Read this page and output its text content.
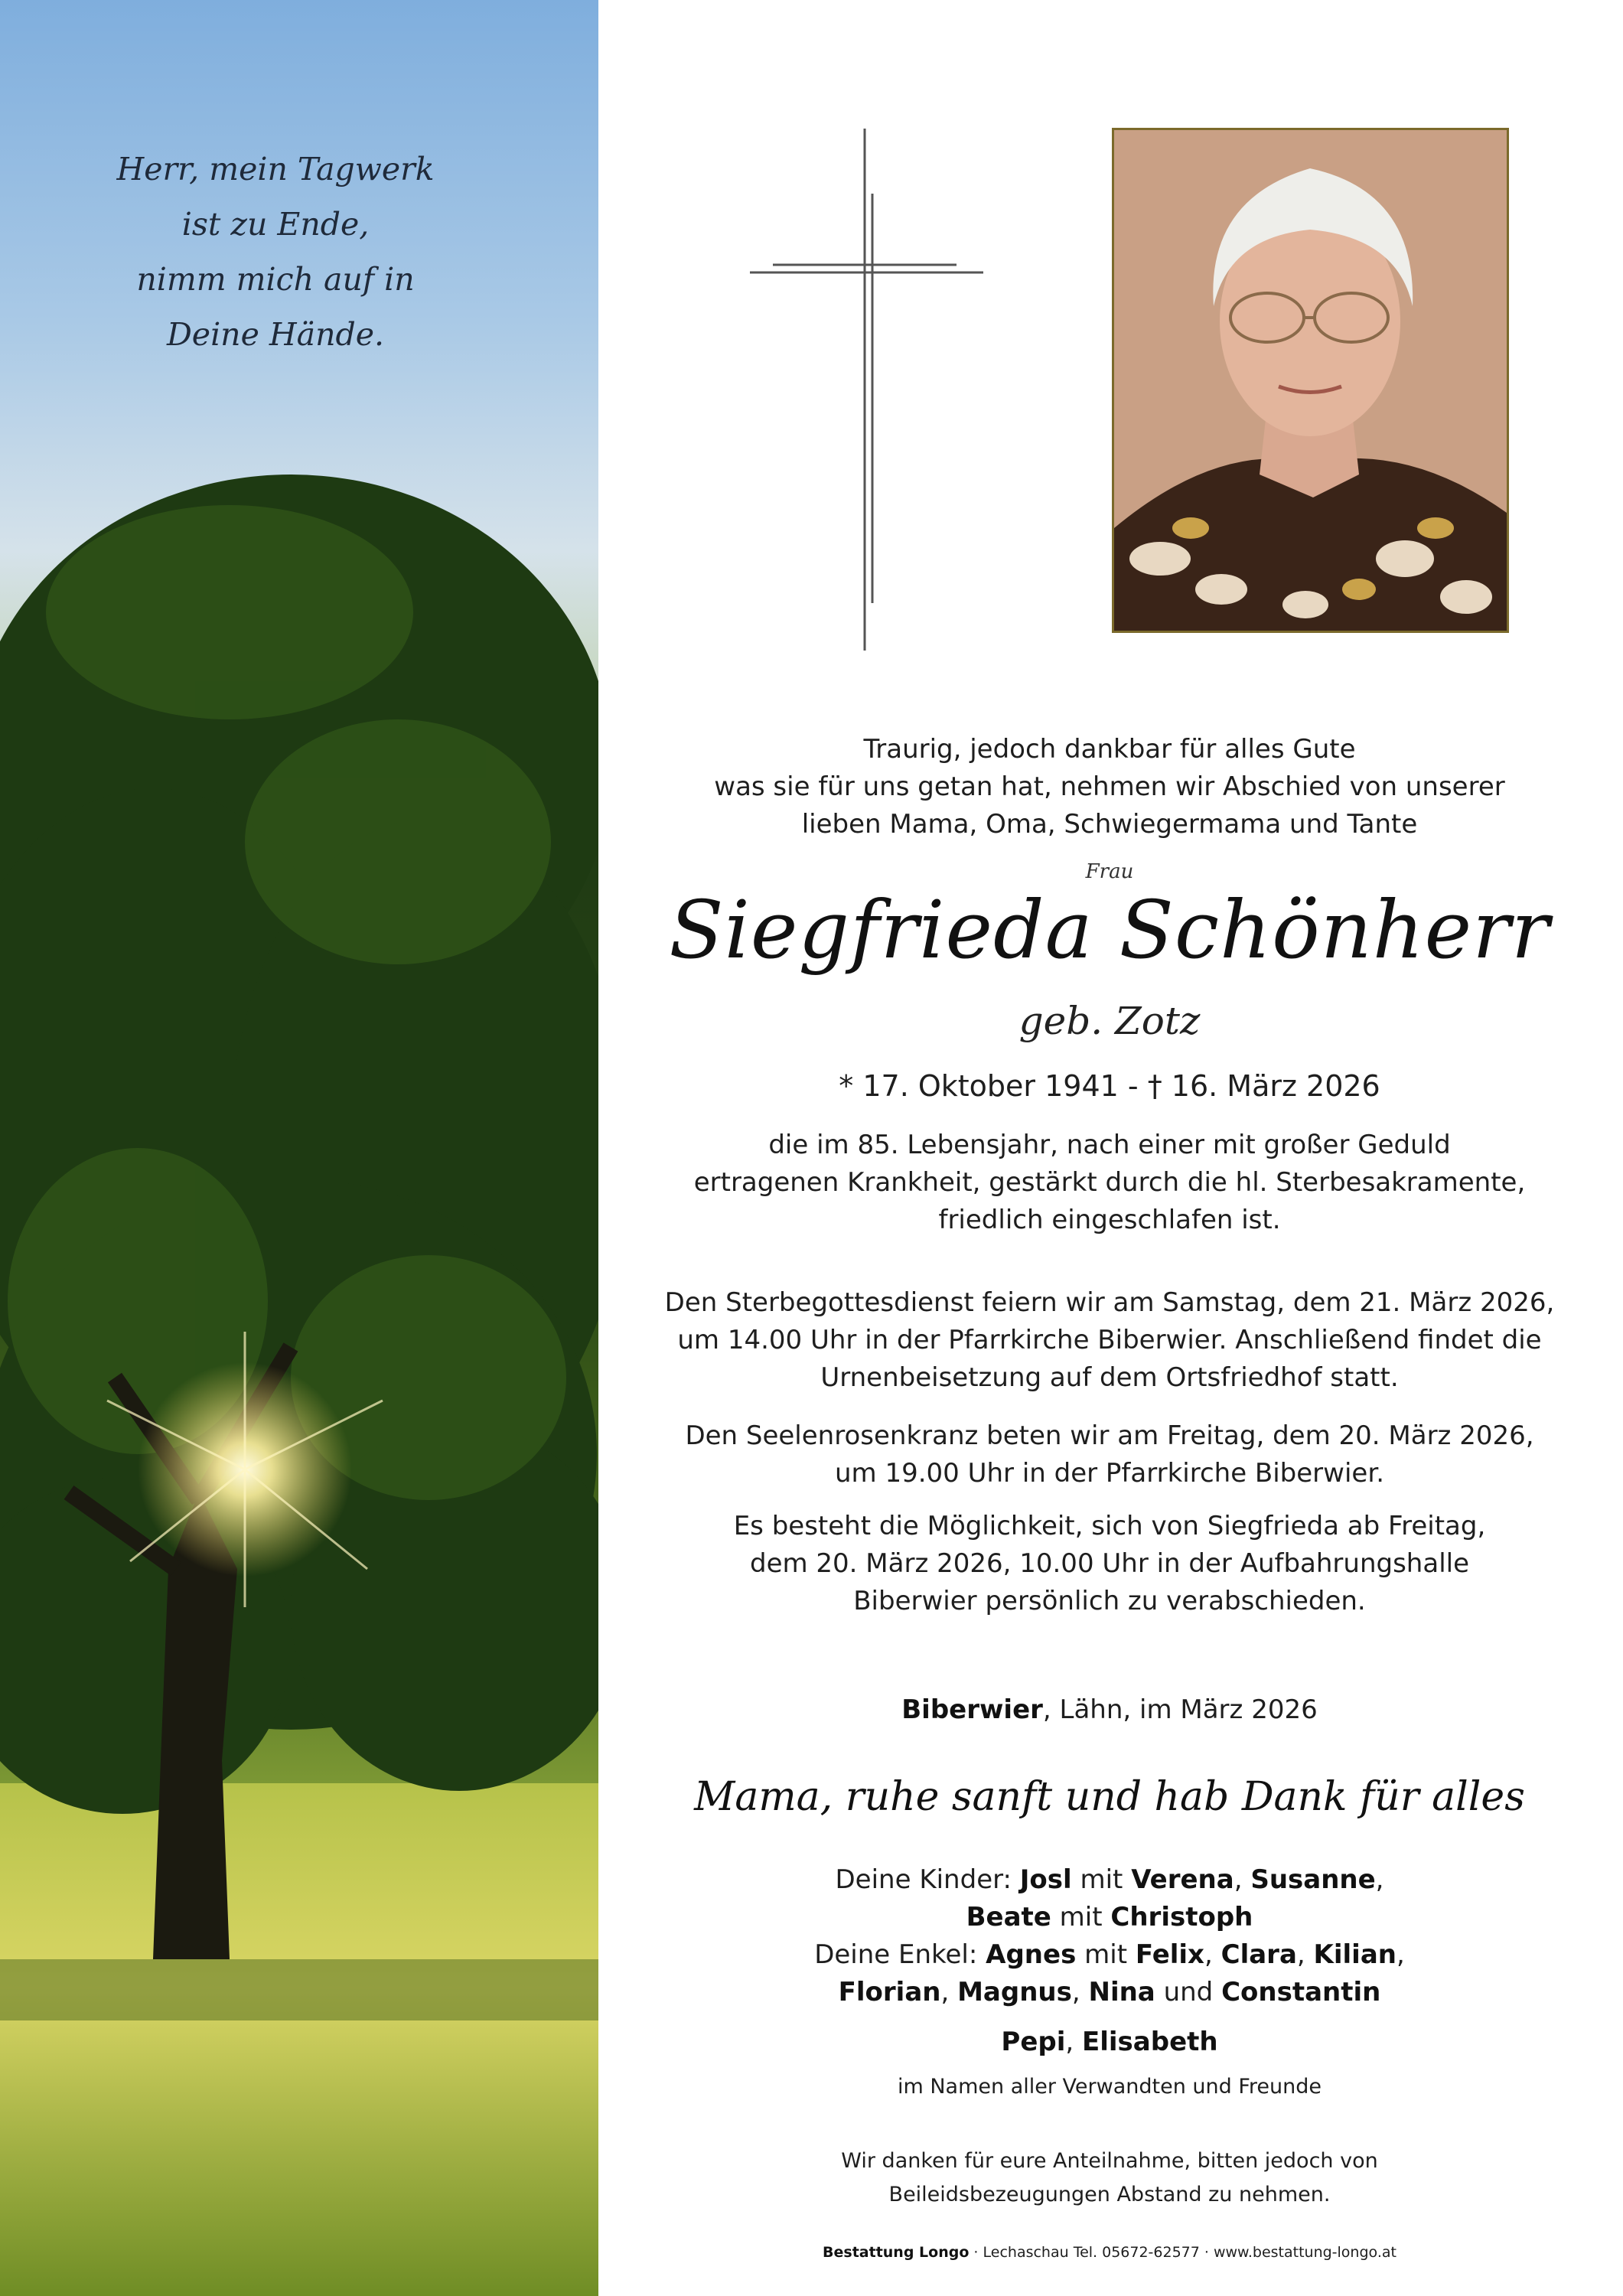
Herr, mein Tagwerk
ist zu Ende,
nimm mich auf in
Deine Hände.
Traurig, jedoch dankbar für alles Gute
was sie für uns getan hat, nehmen wir Abschied von unserer
lieben Mama, Oma, Schwiegermama und Tante
Frau
Siegfrieda Schönherr
geb. Zotz
* 17. Oktober 1941 - † 16. März 2026
die im 85. Lebensjahr, nach einer mit großer Geduld
ertragenen Krankheit, gestärkt durch die hl. Sterbesakramente,
friedlich eingeschlafen ist.
Den Sterbegottesdienst feiern wir am Samstag, dem 21. März 2026,
um 14.00 Uhr in der Pfarrkirche Biberwier. Anschließend findet die
Urnenbeisetzung auf dem Ortsfriedhof statt.
Den Seelenrosenkranz beten wir am Freitag, dem 20. März 2026,
um 19.00 Uhr in der Pfarrkirche Biberwier.
Es besteht die Möglichkeit, sich von Siegfrieda ab Freitag,
dem 20. März 2026, 10.00 Uhr in der Aufbahrungshalle
Biberwier persönlich zu verabschieden.
Biberwier, Lähn, im März 2026
Mama, ruhe sanft und hab Dank für alles
Deine Kinder: Josl mit Verena, Susanne,
Beate mit Christoph
Deine Enkel: Agnes mit Felix, Clara, Kilian,
Florian, Magnus, Nina und Constantin
Pepi, Elisabeth
im Namen aller Verwandten und Freunde
Wir danken für eure Anteilnahme, bitten jedoch von
Beileidsbezeugungen Abstand zu nehmen.
Bestattung Longo · Lechaschau Tel. 05672-62577 · www.bestattung-longo.at
